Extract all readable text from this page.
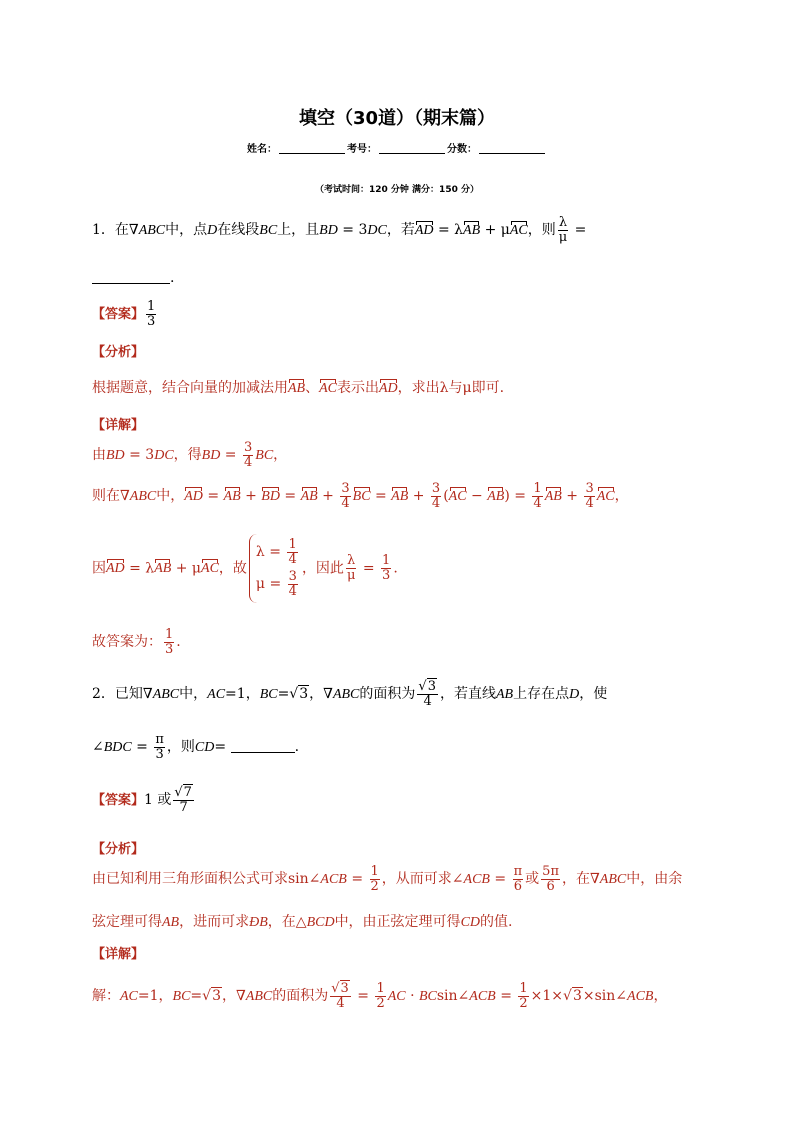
填空（30道）（期末篇）
姓名：	考号：	分数：
（考试时间：120 分钟 满分：150 分）
1．在∇ABC中，点D在线段BC上，且BD = 3DC，若AD = λAB + μAC，则 $\frac{\lambda}{\mu}$ =
.
【答案】 $\frac{1}{3}$
【分析】
根据题意，结合向量的加减法用AB、AC表示出AD，求出λ与μ即可.
【详解】
由BD = 3DC，得BD = $\frac{3}{4}$ BC，
则在∇ABC中，AD = AB + BD = AB + $\frac{3}{4}$ BC = AB + $\frac{3}{4} (AC - AB) = \frac{1}{4}$ AB + $\frac{3}{4}$ AC，
因AD = λAB + μAC，故
$\lambda = \frac{1}{4}$
$\mu = \frac{3}{4}$
，因此 $\frac{\lambda}{\mu} = \frac{1}{3}$ .
故答案为： $\frac{1}{3}$ .
2．已知∇ABC中，AC=1，BC=√3，∇ABC的面积为 $\frac{√3}{4}$ ，若直线AB上存在点D，使
∠BDC = $\frac{\pi}{3}$ ，则CD=	.
【答案】1 或 $\frac{√7}{7}$
【分析】
由已知利用三角形面积公式可求sin∠ACB = $\frac{1}{2}$ ，从而可求∠ACB = $\frac{\pi}{6}$ 或 $\frac{5\pi}{6}$ ，在∇ABC中，由余
弦定理可得AB，进而可求ÐB，在△BCD中，由正弦定理可得CD的值.
【详解】
解：AC=1，BC=√3，∇ABC的面积为 $\frac{√3}{4} = \frac{1}{2}$ AC · BCsin∠ACB = $\frac{1}{2}$ ×1×√3×sin∠ACB，
